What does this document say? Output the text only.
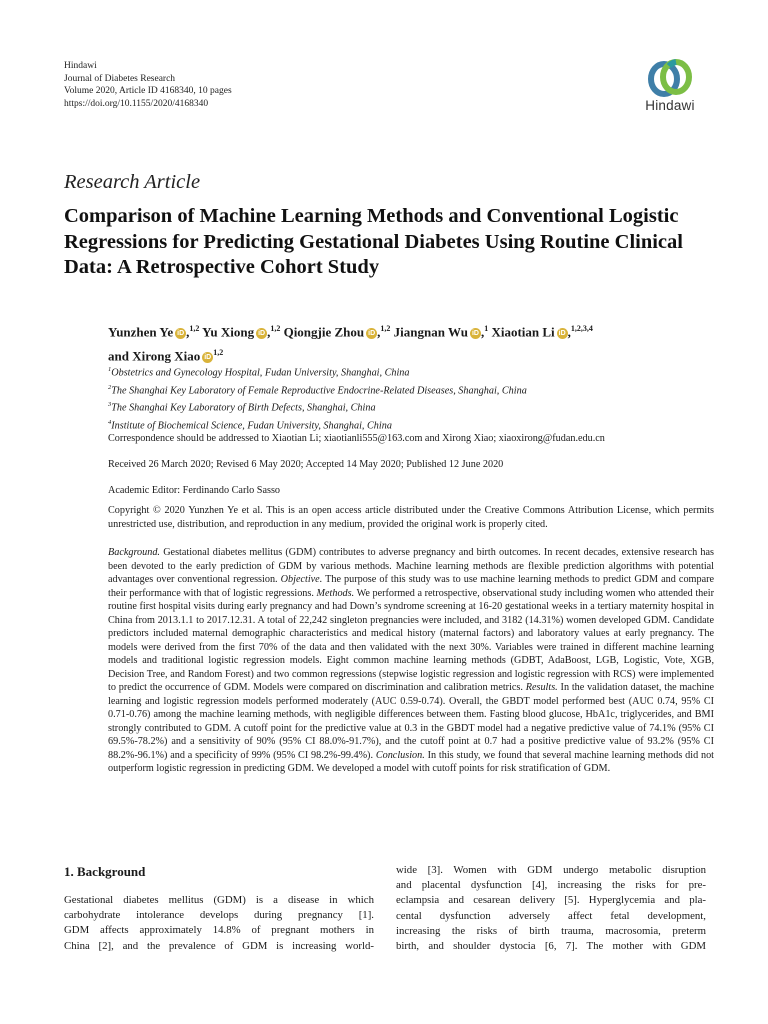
Hindawi
Journal of Diabetes Research
Volume 2020, Article ID 4168340, 10 pages
https://doi.org/10.1155/2020/4168340	Hindawi
Research Article
Comparison of Machine Learning Methods and Conventional Logistic Regressions for Predicting Gestational Diabetes Using Routine Clinical Data: A Retrospective Cohort Study
Yunzhen Ye iD ,$^{1,2}$ Yu Xiong iD ,$^{1,2}$ Qiongjie Zhou iD ,$^{1,2}$ Jiangnan Wu iD ,$^1$ Xiaotian Li iD ,$^{1,2,3,4}$
and Xirong Xiao iD$^{1,2}$
$^1$Obstetrics and Gynecology Hospital, Fudan University, Shanghai, China
$^2$The Shanghai Key Laboratory of Female Reproductive Endocrine-Related Diseases, Shanghai, China
$^3$The Shanghai Key Laboratory of Birth Defects, Shanghai, China
$^4$Institute of Biochemical Science, Fudan University, Shanghai, China
Correspondence should be addressed to Xiaotian Li; xiaotianli555@163.com and Xirong Xiao; xiaoxirong@fudan.edu.cn
Received 26 March 2020; Revised 6 May 2020; Accepted 14 May 2020; Published 12 June 2020
Academic Editor: Ferdinando Carlo Sasso
Copyright © 2020 Yunzhen Ye et al. This is an open access article distributed under the Creative Commons Attribution License, which permits unrestricted use, distribution, and reproduction in any medium, provided the original work is properly cited.
Background. Gestational diabetes mellitus (GDM) contributes to adverse pregnancy and birth outcomes. In recent decades, extensive research has been devoted to the early prediction of GDM by various methods. Machine learning methods are flexible prediction algorithms with potential advantages over conventional regression. Objective. The purpose of this study was to use machine learning methods to predict GDM and compare their performance with that of logistic regressions. Methods. We performed a retrospective, observational study including women who attended their routine first hospital visits during early pregnancy and had Down’s syndrome screening at 16-20 gestational weeks in a tertiary maternity hospital in China from 2013.1.1 to 2017.12.31. A total of 22,242 singleton pregnancies were included, and 3182 (14.31%) women developed GDM. Candidate predictors included maternal demographic characteristics and medical history (maternal factors) and laboratory values at early pregnancy. The models were derived from the first 70% of the data and then validated with the next 30%. Variables were trained in different machine learning models and traditional logistic regression models. Eight common machine learning methods (GDBT, AdaBoost, LGB, Logistic, Vote, XGB, Decision Tree, and Random Forest) and two common regressions (stepwise logistic regression and logistic regression with RCS) were implemented to predict the occurrence of GDM. Models were compared on discrimination and calibration metrics. Results. In the validation dataset, the machine learning and logistic regression models performed moderately (AUC 0.59-0.74). Overall, the GBDT model performed best (AUC 0.74, 95% CI 0.71-0.76) among the machine learning methods, with negligible differences between them. Fasting blood glucose, HbA1c, triglycerides, and BMI strongly contributed to GDM. A cutoff point for the predictive value at 0.3 in the GBDT model had a negative predictive value of 74.1% (95% CI 69.5%-78.2%) and a sensitivity of 90% (95% CI 88.0%-91.7%), and the cutoff point at 0.7 had a positive predictive value of 93.2% (95% CI 88.2%-96.1%) and a specificity of 99% (95% CI 98.2%-99.4%). Conclusion. In this study, we found that several machine learning methods did not outperform logistic regression in predicting GDM. We developed a model with cutoff points for risk stratification of GDM.
1. Background
Gestational diabetes mellitus (GDM) is a disease in which
carbohydrate intolerance develops during pregnancy [1].
GDM affects approximately 14.8% of pregnant mothers in
China [2], and the prevalence of GDM is increasing world-
wide [3]. Women with GDM undergo metabolic disruption
and placental dysfunction [4], increasing the risks for pre-
eclampsia and cesarean delivery [5]. Hyperglycemia and pla-
cental dysfunction adversely affect fetal development,
increasing the risks of birth trauma, macrosomia, preterm
birth, and shoulder dystocia [6, 7]. The mother with GDM
